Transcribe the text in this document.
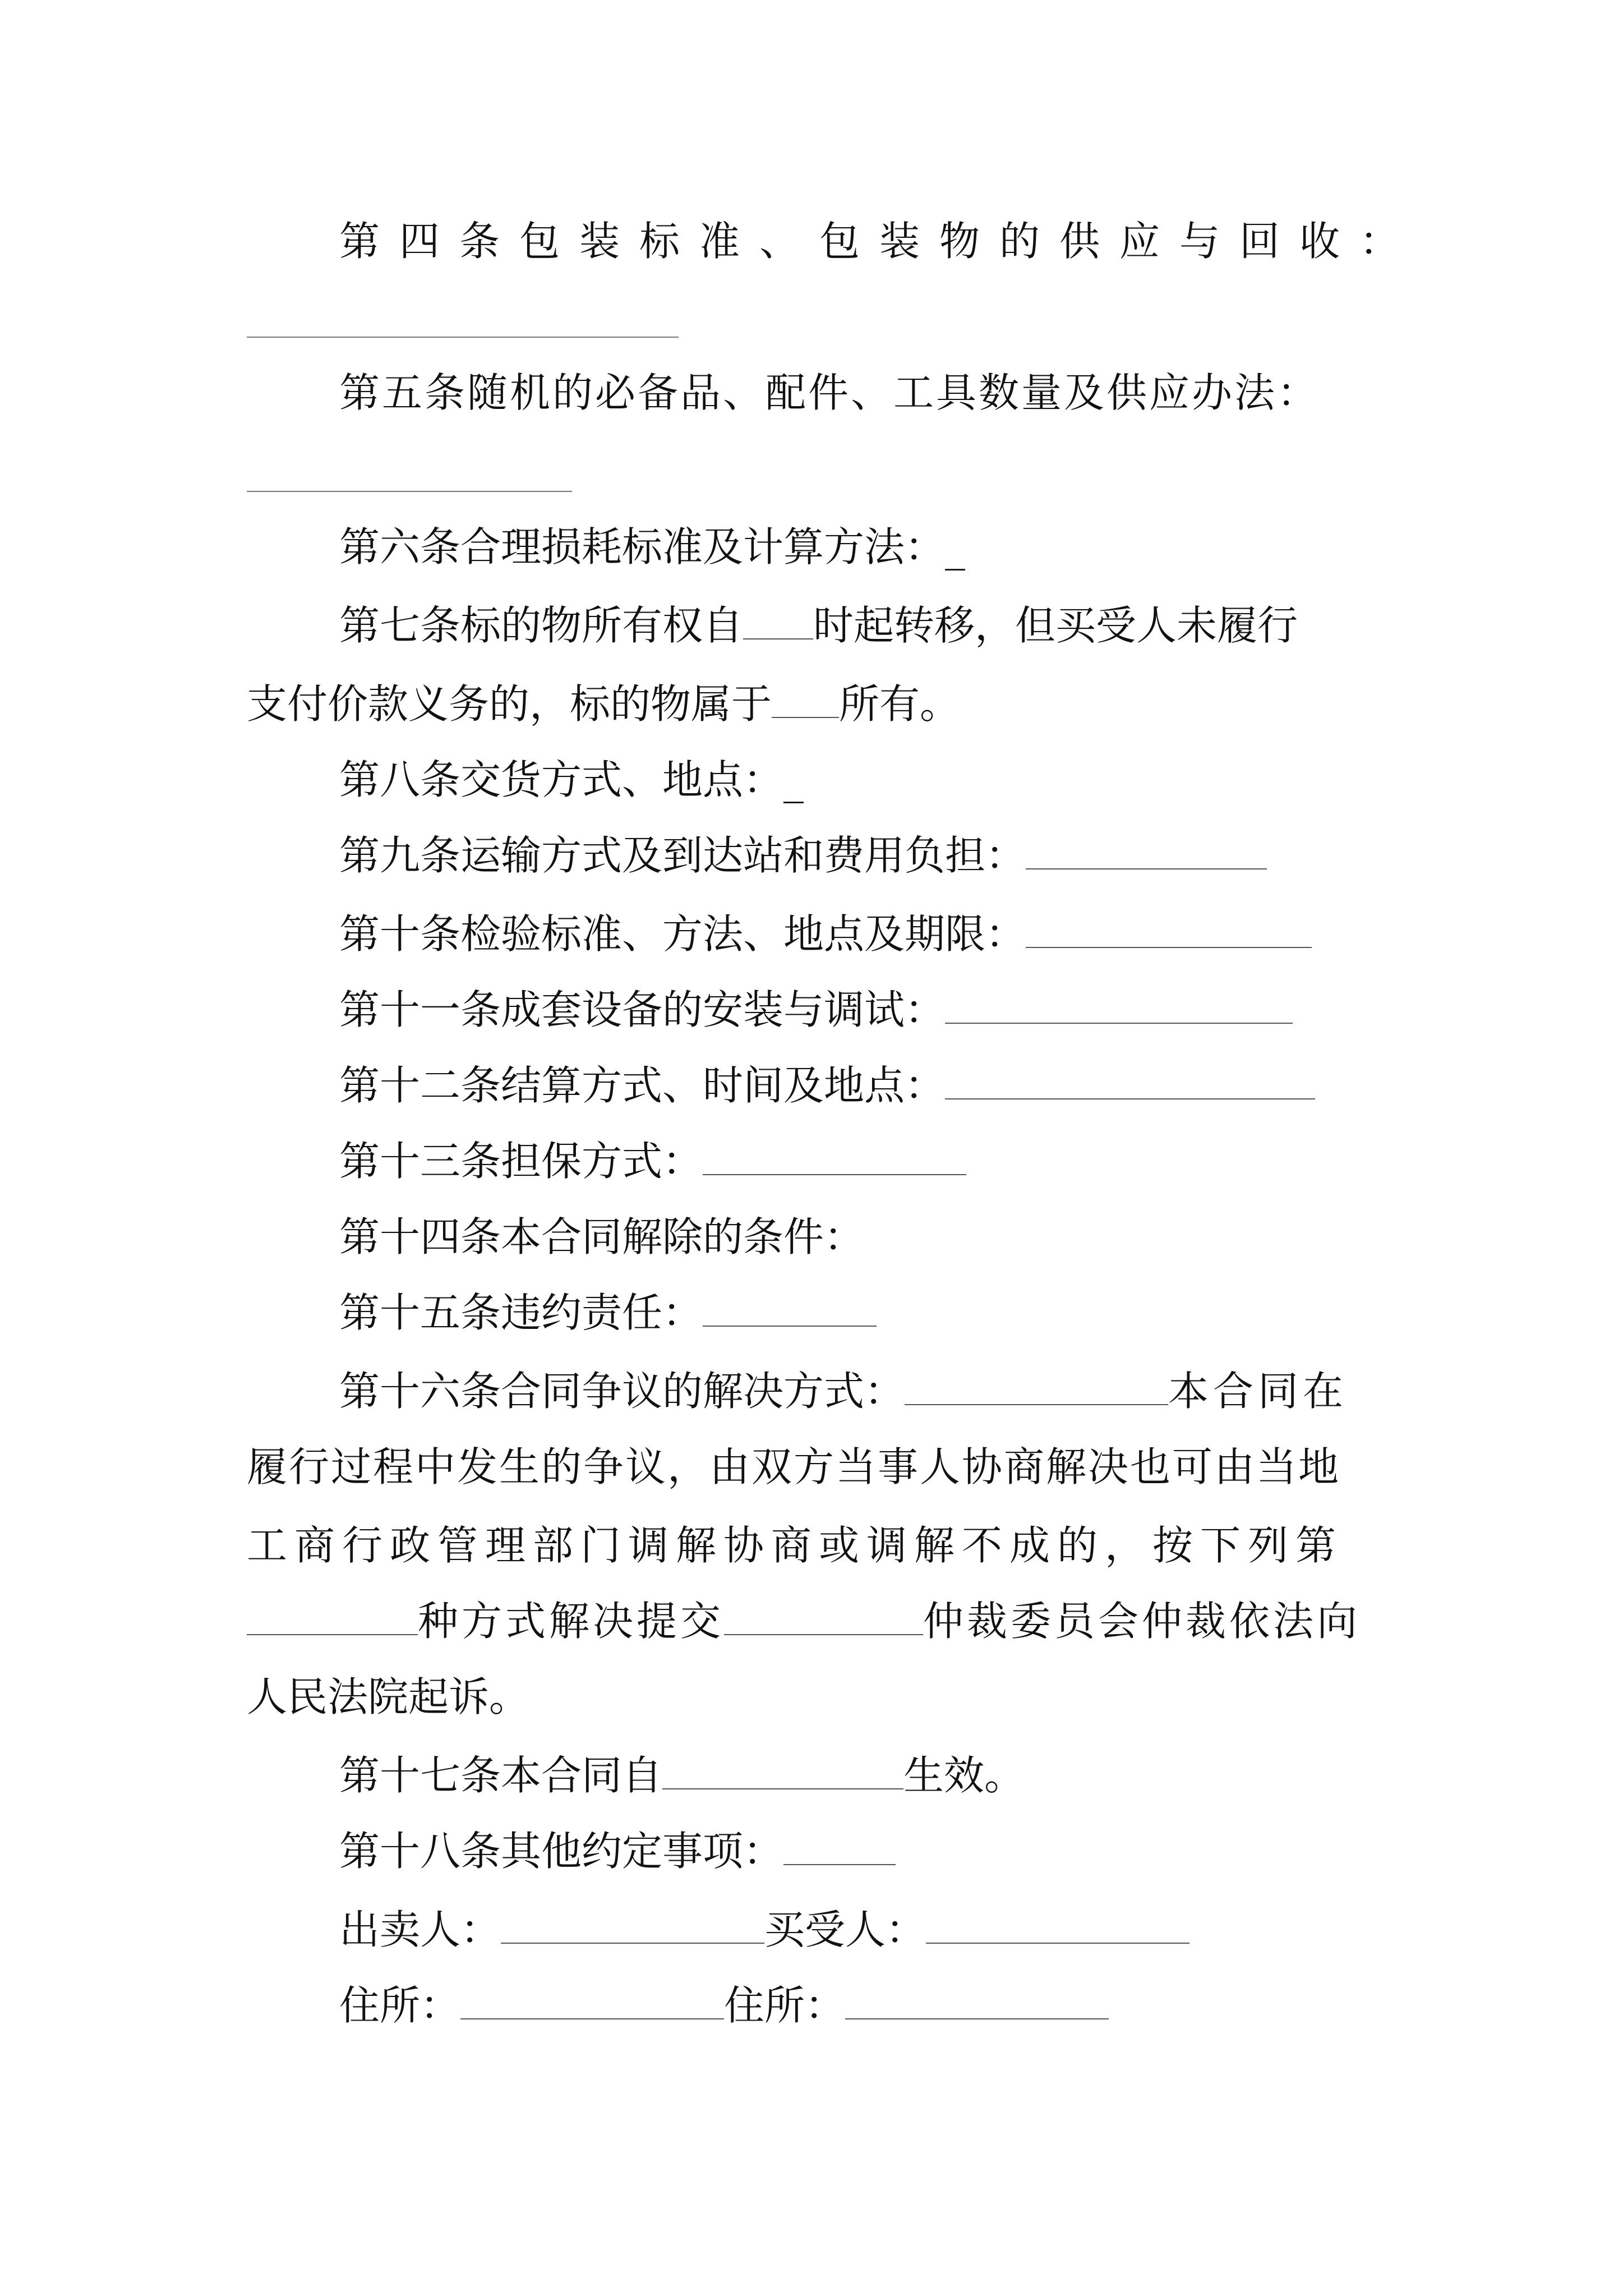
第四条包装标准、包装物的供应与回收：
第五条随机的必备品、配件、工具数量及供应办法：
第六条合理损耗标准及计算方法：_
第七条标的物所有权自 时起转移，但买受人未履行
支付价款义务的，标的物属于 所有。
第八条交货方式、地点：_
第九条运输方式及到达站和费用负担：
第十条检验标准、方法、地点及期限：
第十一条成套设备的安装与调试：
第十二条结算方式、时间及地点：
第十三条担保方式：
第十四条本合同解除的条件：
第十五条违约责任：
第十六条合同争议的解决方式：	本合同在
履行过程中发生的争议，由双方当事人协商解决也可由当地
工商行政管理部门调解协商或调解不成的，按下列第
种方式解决提交	仲裁委员会仲裁依法向
人民法院起诉。
第十七条本合同自	生效。
第十八条其他约定事项：
出卖人：	买受人：
住所：	住所：
